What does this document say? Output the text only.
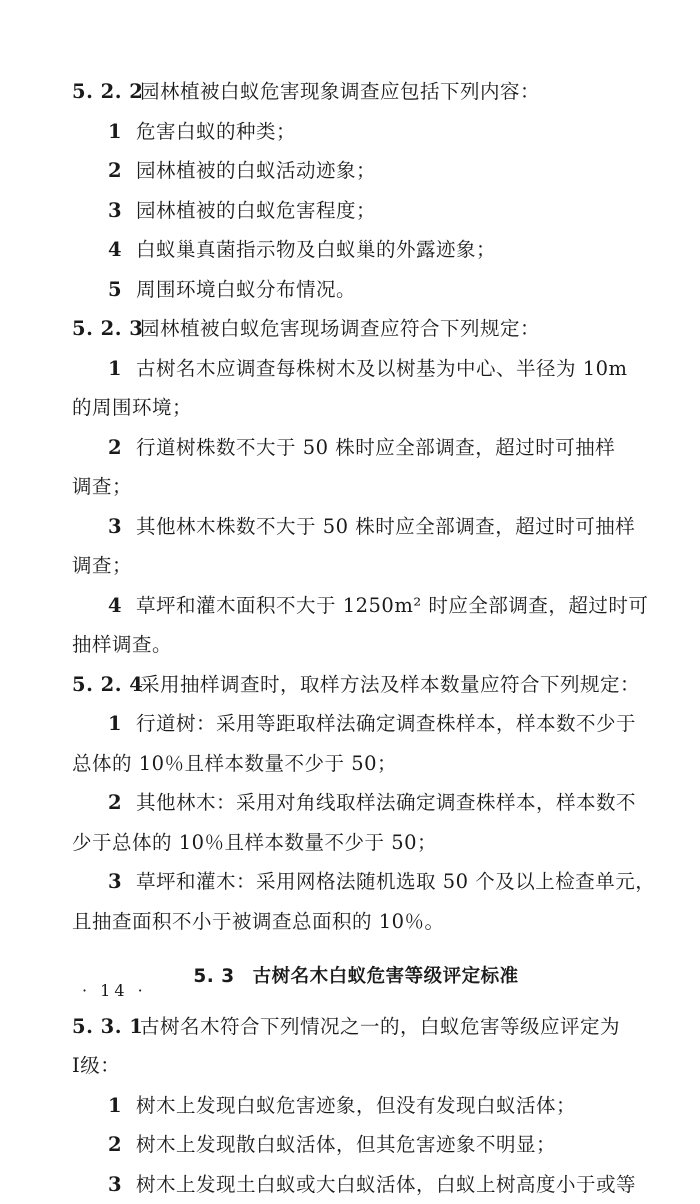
5. 2. 2园林植被白蚁危害现象调查应包括下列内容：

1 危害白蚁的种类；

2 园林植被的白蚁活动迹象；

3 园林植被的白蚁危害程度；

4 白蚁巢真菌指示物及白蚁巢的外露迹象；

5 周围环境白蚁分布情况。

5. 2. 3园林植被白蚁危害现场调查应符合下列规定：

1 古树名木应调查每株树木及以树基为中心、半径为 10m

的周围环境；

2 行道树株数不大于 50 株时应全部调查，超过时可抽样

调查；

3 其他林木株数不大于 50 株时应全部调查，超过时可抽样

调查；

4 草坪和灌木面积不大于 1250m² 时应全部调查，超过时可

抽样调查。

5. 2. 4采用抽样调查时，取样方法及样本数量应符合下列规定：

1 行道树：采用等距取样法确定调查株样本，样本数不少于

总体的 10％且样本数量不少于 50；

2 其他林木：采用对角线取样法确定调查株样本，样本数不

少于总体的 10％且样本数量不少于 50；

3 草坪和灌木：采用网格法随机选取 50 个及以上检查单元，

且抽查面积不小于被调查总面积的 10％。

5. 3 古树名木白蚁危害等级评定标准

5. 3. 1古树名木符合下列情况之一的，白蚁危害等级应评定为

Ⅰ级：

1 树木上发现白蚁危害迹象，但没有发现白蚁活体；

2 树木上发现散白蚁活体，但其危害迹象不明显；

3 树木上发现土白蚁或大白蚁活体，白蚁上树高度小于或等

· 14 ·
